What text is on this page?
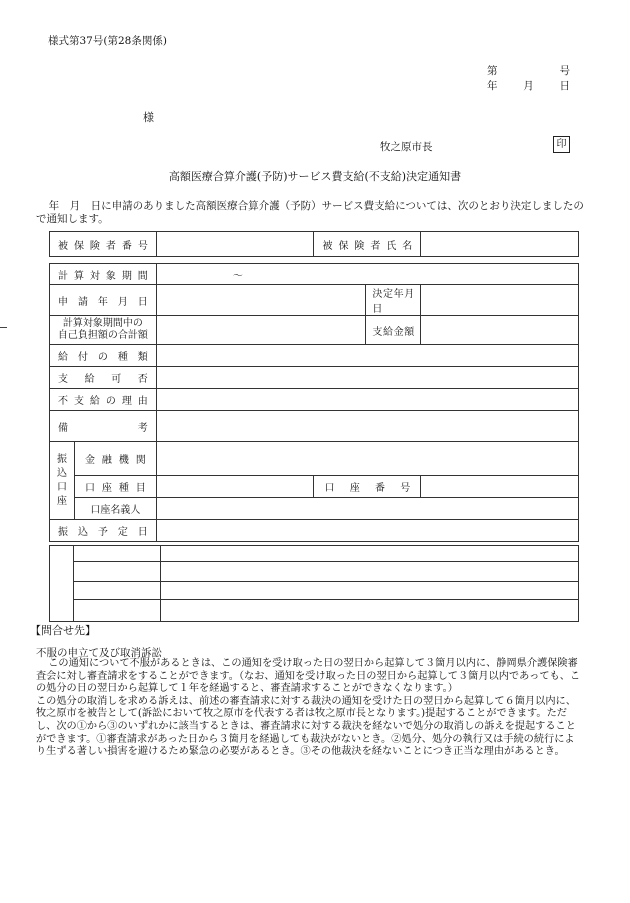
様式第37号(第28条関係)
第	号
年 月 日
様
牧之原市長	印
高額医療合算介護(予防)サービス費支給(不支給)決定通知書

年　月　日に申請のありました高額医療合算介護（予防）サービス費支給については、次のとおり決定しましたので通知します。

被保険者番号		被保険者氏名	
計算対象期間		～			
申請年月日				決定年月日	

計算対象期間中の
自己負担額の合計額				支給金額	
給付の種類					
支給可否					
不支給の理由					
備考					

振
込
口
座	金融機関				
	口座種目		口座番号		
	口座名義人				
振込予定日					

【問合せ先】
不服の申立て及び取消訴訟

この通知について不服があるときは、この通知を受け取った日の翌日から起算して３箇月以内に、静岡県介護保険審査会に対し審査請求をすることができます。（なお、通知を受け取った日の翌日から起算して３箇月以内であっても、この処分の日の翌日から起算して１年を経過すると、審査請求することができなくなります。）

この処分の取消しを求める訴えは、前述の審査請求に対する裁決の通知を受けた日の翌日から起算して６箇月以内に、牧之原市を被告として(訴訟において牧之原市を代表する者は牧之原市長となります。)提起することができます。ただし、次の①から③のいずれかに該当するときは、審査請求に対する裁決を経ないで処分の取消しの訴えを提起することができます。①審査請求があった日から３箇月を経過しても裁決がないとき。②処分、処分の執行又は手続の続行により生ずる著しい損害を避けるため緊急の必要があるとき。③その他裁決を経ないことにつき正当な理由があるとき。
